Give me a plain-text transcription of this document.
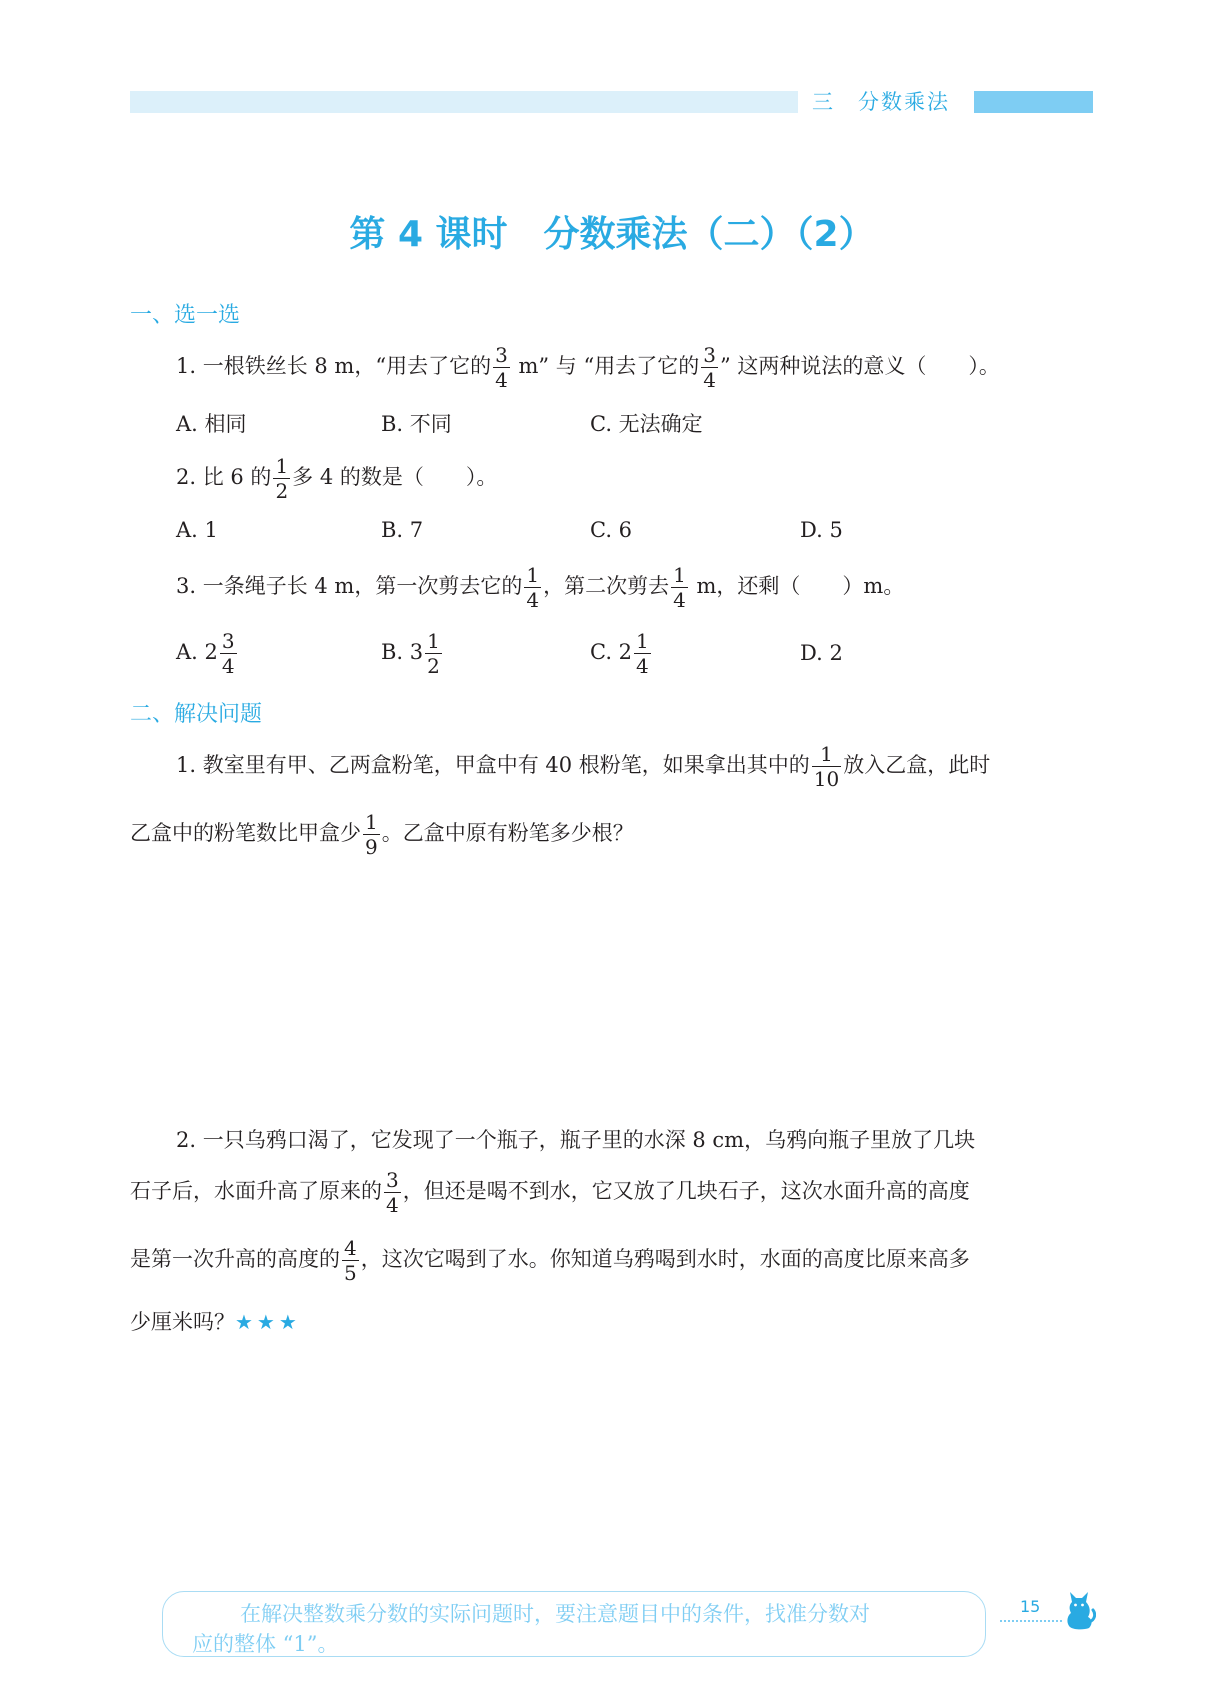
三　分数乘法
第 4 课时　分数乘法（二）（2）
一、选一选
1. 一根铁丝长 8 m，“用去了它的 $\frac{3}{4} m$” 与 “用去了它的 $\frac{3}{4}$ ” 这两种说法的意义（　　）。
A. 相同	B. 不同	C. 无法确定
2. 比 6 的 $\frac{1}{2}$ 多 4 的数是（　　）。
A. 1	B. 7	C. 6	D. 5
3. 一条绳子长 4 m，第一次剪去它的 $\frac{1}{4}$ ，第二次剪去 $\frac{1}{4}$ m，还剩（　　）m。
A. $2 \frac{3}{4}$	B. $3 \frac{1}{2}$	C. $2 \frac{1}{4}$	D. 2
二、解决问题
1. 教室里有甲、乙两盒粉笔，甲盒中有 40 根粉笔，如果拿出其中的 $\frac{1}{10}$ 放入乙盒，此时
乙盒中的粉笔数比甲盒少 $\frac{1}{9}$ 。乙盒中原有粉笔多少根？
2. 一只乌鸦口渴了，它发现了一个瓶子，瓶子里的水深 8 cm，乌鸦向瓶子里放了几块
石子后，水面升高了原来的 $\frac{3}{4}$ ，但还是喝不到水，它又放了几块石子，这次水面升高的高度
是第一次升高的高度的 $\frac{4}{5}$ ，这次它喝到了水。你知道乌鸦喝到水时，水面的高度比原来高多
少厘米吗？★★★
在解决整数乘分数的实际问题时，要注意题目中的条件，找准分数对
应的整体 “1”。
15
